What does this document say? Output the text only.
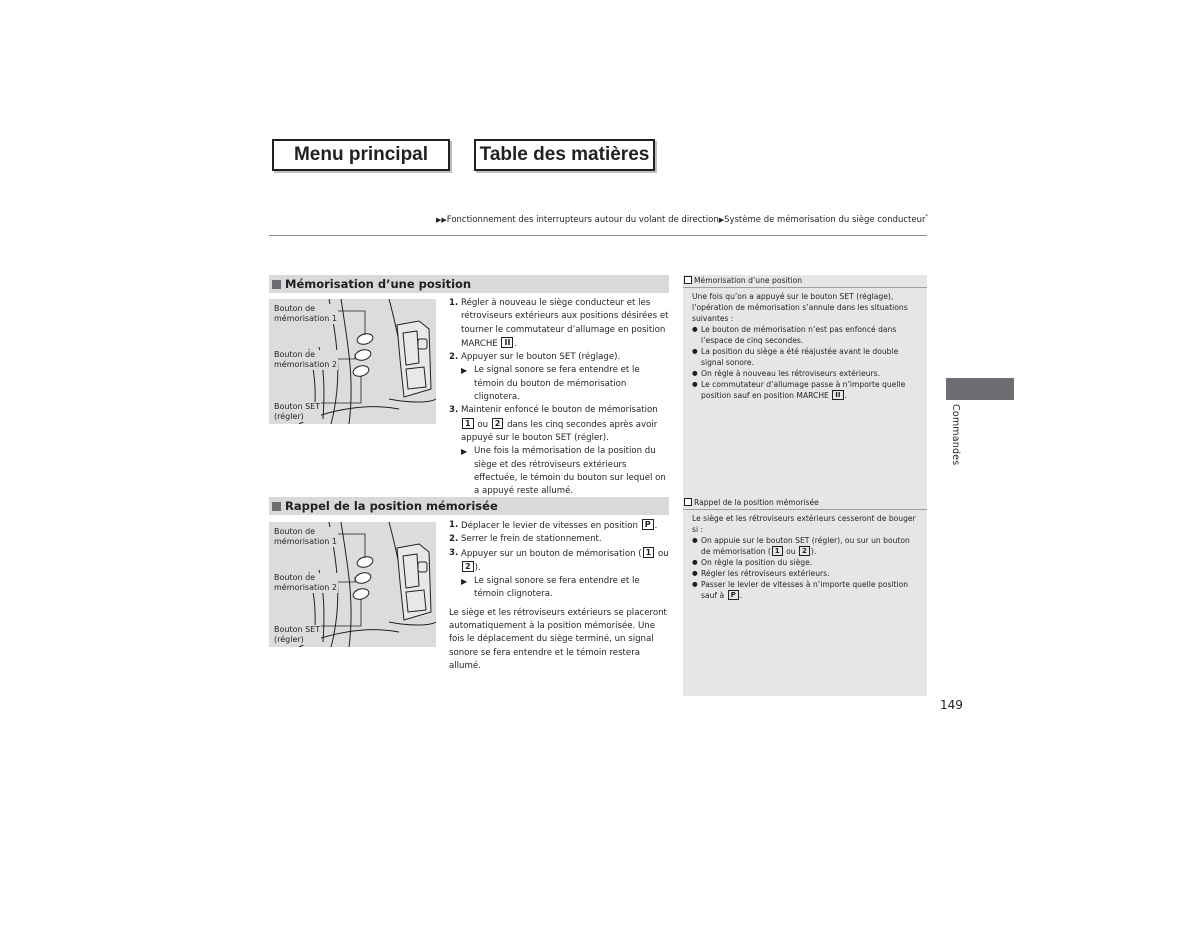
Menu principal	Table des matières
▶▶Fonctionnement des interrupteurs autour du volant de direction▶Système de mémorisation du siège conducteur*
Mémorisation d’une position
Bouton de
mémorisation 1
Bouton de
mémorisation 2
Bouton SET
(régler)
1. Régler à nouveau le siège conducteur et les rétroviseurs extérieurs aux positions désirées et tourner le commutateur d’allumage en position MARCHE II .
2. Appuyer sur le bouton SET (réglage).
▶ Le signal sonore se fera entendre et le témoin du bouton de mémorisation clignotera.
3. Maintenir enfoncé le bouton de mémorisation
1 ou 2 dans les cinq secondes après avoir appuyé sur le bouton SET (régler).
▶ Une fois la mémorisation de la position du siège et des rétroviseurs extérieurs effectuée, le témoin du bouton sur lequel on a appuyé reste allumé.
Rappel de la position mémorisée
Bouton de
mémorisation 1
Bouton de
mémorisation 2
Bouton SET
(régler)
1. Déplacer le levier de vitesses en position P .
2. Serrer le frein de stationnement.
3. Appuyer sur un bouton de mémorisation ( 1 ou
2 ).
▶ Le signal sonore se fera entendre et le témoin clignotera.
Le siège et les rétroviseurs extérieurs se placeront automatiquement à la position mémorisée. Une fois le déplacement du siège terminé, un signal sonore se fera entendre et le témoin restera allumé.
Mémorisation d’une position
Une fois qu’on a appuyé sur le bouton SET (réglage), l’opération de mémorisation s’annule dans les situations suivantes :
● Le bouton de mémorisation n’est pas enfoncé dans l’espace de cinq secondes.
● La position du siège a été réajustée avant le double signal sonore.
● On règle à nouveau les rétroviseurs extérieurs.
● Le commutateur d’allumage passe à n’importe quelle position sauf en position MARCHE II .
Rappel de la position mémorisée
Le siège et les rétroviseurs extérieurs cesseront de bouger si :
● On appuie sur le bouton SET (régler), ou sur un bouton de mémorisation ( 1 ou 2 ).
● On règle la position du siège.
● Régler les rétroviseurs extérieurs.
● Passer le levier de vitesses à n’importe quelle position sauf à P .
Commandes
149
